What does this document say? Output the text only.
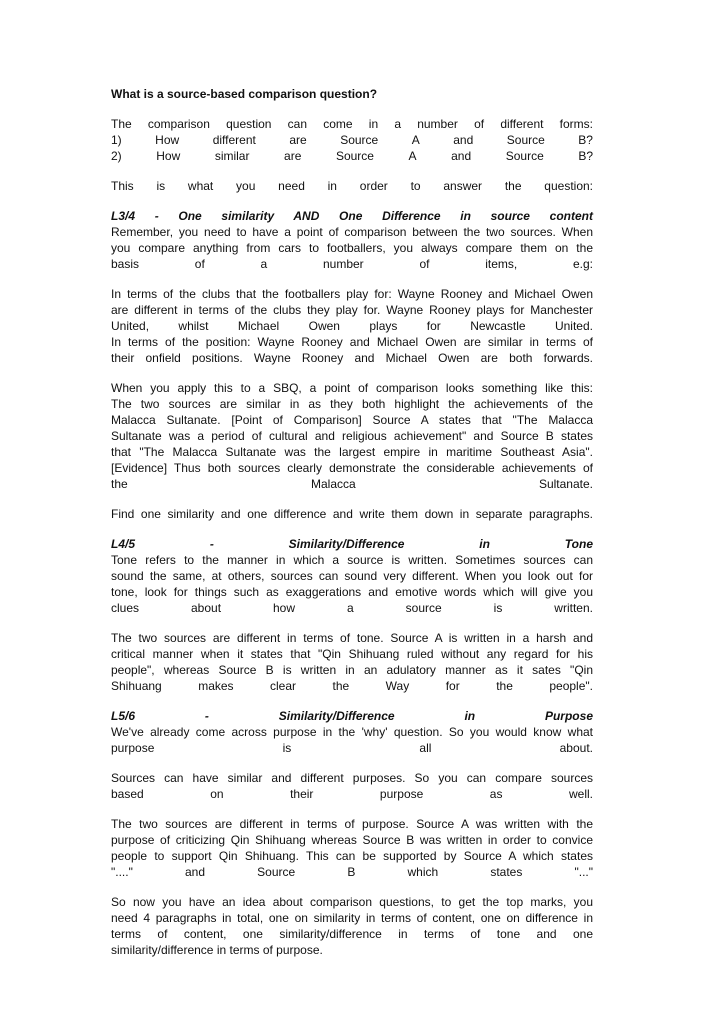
What is a source-based comparison question?

The comparison question can come in a number of different forms:

1)	How	different	are	Source	A	and	Source	B?
2)	How	similar	are	Source	A	and	Source	B?

This is what you need in order to answer the question:

L3/4 - One similarity AND One Difference in source content

Remember, you need to have a point of comparison between the two sources. When

you compare anything from cars to footballers, you always compare them on the

basis of a number of items, e.g:

In terms of the clubs that the footballers play for: Wayne Rooney and Michael Owen

are different in terms of the clubs they play for. Wayne Rooney plays for Manchester

United, whilst Michael Owen plays for Newcastle United.

In terms of the position: Wayne Rooney and Michael Owen are similar in terms of

their onfield positions. Wayne Rooney and Michael Owen are both forwards.

When you apply this to a SBQ, a point of comparison looks something like this:

The two sources are similar in as they both highlight the achievements of the

Malacca Sultanate. [Point of Comparison] Source A states that "The Malacca

Sultanate was a period of cultural and religious achievement" and Source B states

that "The Malacca Sultanate was the largest empire in maritime Southeast Asia".

[Evidence] Thus both sources clearly demonstrate the considerable achievements of

the Malacca Sultanate.

Find one similarity and one difference and write them down in separate paragraphs.

L4/5 - Similarity/Difference in Tone

Tone refers to the manner in which a source is written. Sometimes sources can

sound the same, at others, sources can sound very different. When you look out for

tone, look for things such as exaggerations and emotive words which will give you

clues about how a source is written.

The two sources are different in terms of tone. Source A is written in a harsh and

critical manner when it states that "Qin Shihuang ruled without any regard for his

people", whereas Source B is written in an adulatory manner as it sates "Qin

Shihuang makes clear the Way for the people".

L5/6 - Similarity/Difference in Purpose

We've already come across purpose in the 'why' question. So you would know what

purpose is all about.

Sources can have similar and different purposes. So you can compare sources

based on their purpose as well.

The two sources are different in terms of purpose. Source A was written with the

purpose of criticizing Qin Shihuang whereas Source B was written in order to convice

people to support Qin Shihuang. This can be supported by Source A which states

"...." and Source B which states "..."

So now you have an idea about comparison questions, to get the top marks, you

need 4 paragraphs in total, one on similarity in terms of content, one on difference in

terms of content, one similarity/difference in terms of tone and one

similarity/difference in terms of purpose.
